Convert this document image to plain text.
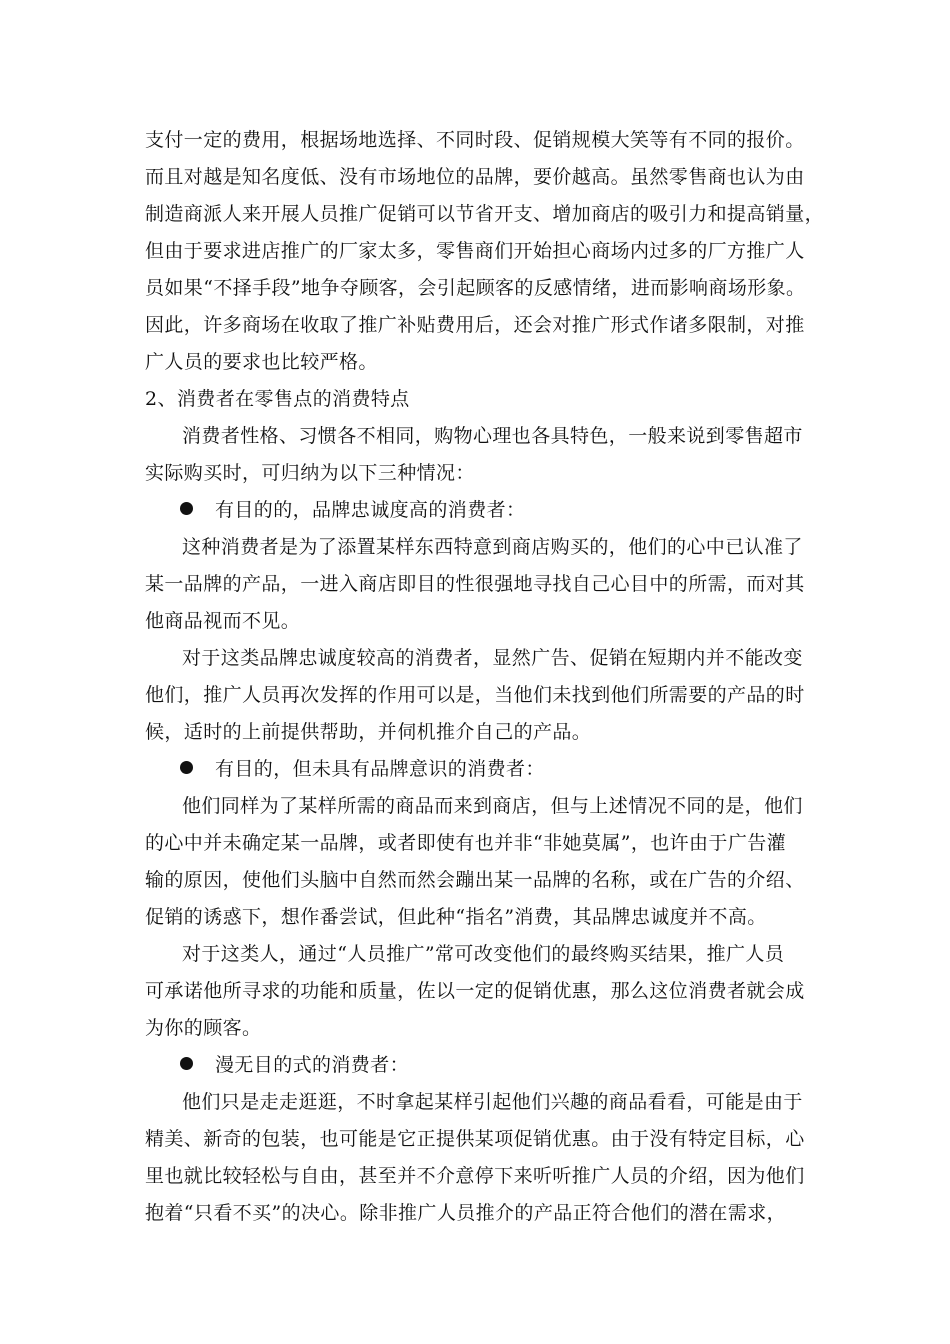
支付一定的费用，根据场地选择、不同时段、促销规模大笑等有不同的报价。
而且对越是知名度低、没有市场地位的品牌，要价越高。虽然零售商也认为由
制造商派人来开展人员推广促销可以节省开支、增加商店的吸引力和提高销量，
但由于要求进店推广的厂家太多，零售商们开始担心商场内过多的厂方推广人
员如果“不择手段”地争夺顾客，会引起顾客的反感情绪，进而影响商场形象。
因此，许多商场在收取了推广补贴费用后，还会对推广形式作诸多限制，对推
广人员的要求也比较严格。
2、消费者在零售点的消费特点
消费者性格、习惯各不相同，购物心理也各具特色，一般来说到零售超市
实际购买时，可归纳为以下三种情况：
有目的的，品牌忠诚度高的消费者：
这种消费者是为了添置某样东西特意到商店购买的，他们的心中已认准了
某一品牌的产品，一进入商店即目的性很强地寻找自己心目中的所需，而对其
他商品视而不见。
对于这类品牌忠诚度较高的消费者，显然广告、促销在短期内并不能改变
他们，推广人员再次发挥的作用可以是，当他们未找到他们所需要的产品的时
候，适时的上前提供帮助，并伺机推介自己的产品。
有目的，但未具有品牌意识的消费者：
他们同样为了某样所需的商品而来到商店，但与上述情况不同的是，他们
的心中并未确定某一品牌，或者即使有也并非“非她莫属”，也许由于广告灌
输的原因，使他们头脑中自然而然会蹦出某一品牌的名称，或在广告的介绍、
促销的诱惑下，想作番尝试，但此种“指名”消费，其品牌忠诚度并不高。
对于这类人，通过“人员推广”常可改变他们的最终购买结果，推广人员
可承诺他所寻求的功能和质量，佐以一定的促销优惠，那么这位消费者就会成
为你的顾客。
漫无目的式的消费者：
他们只是走走逛逛，不时拿起某样引起他们兴趣的商品看看，可能是由于
精美、新奇的包装，也可能是它正提供某项促销优惠。由于没有特定目标，心
里也就比较轻松与自由，甚至并不介意停下来听听推广人员的介绍，因为他们
抱着“只看不买”的决心。除非推广人员推介的产品正符合他们的潜在需求，
